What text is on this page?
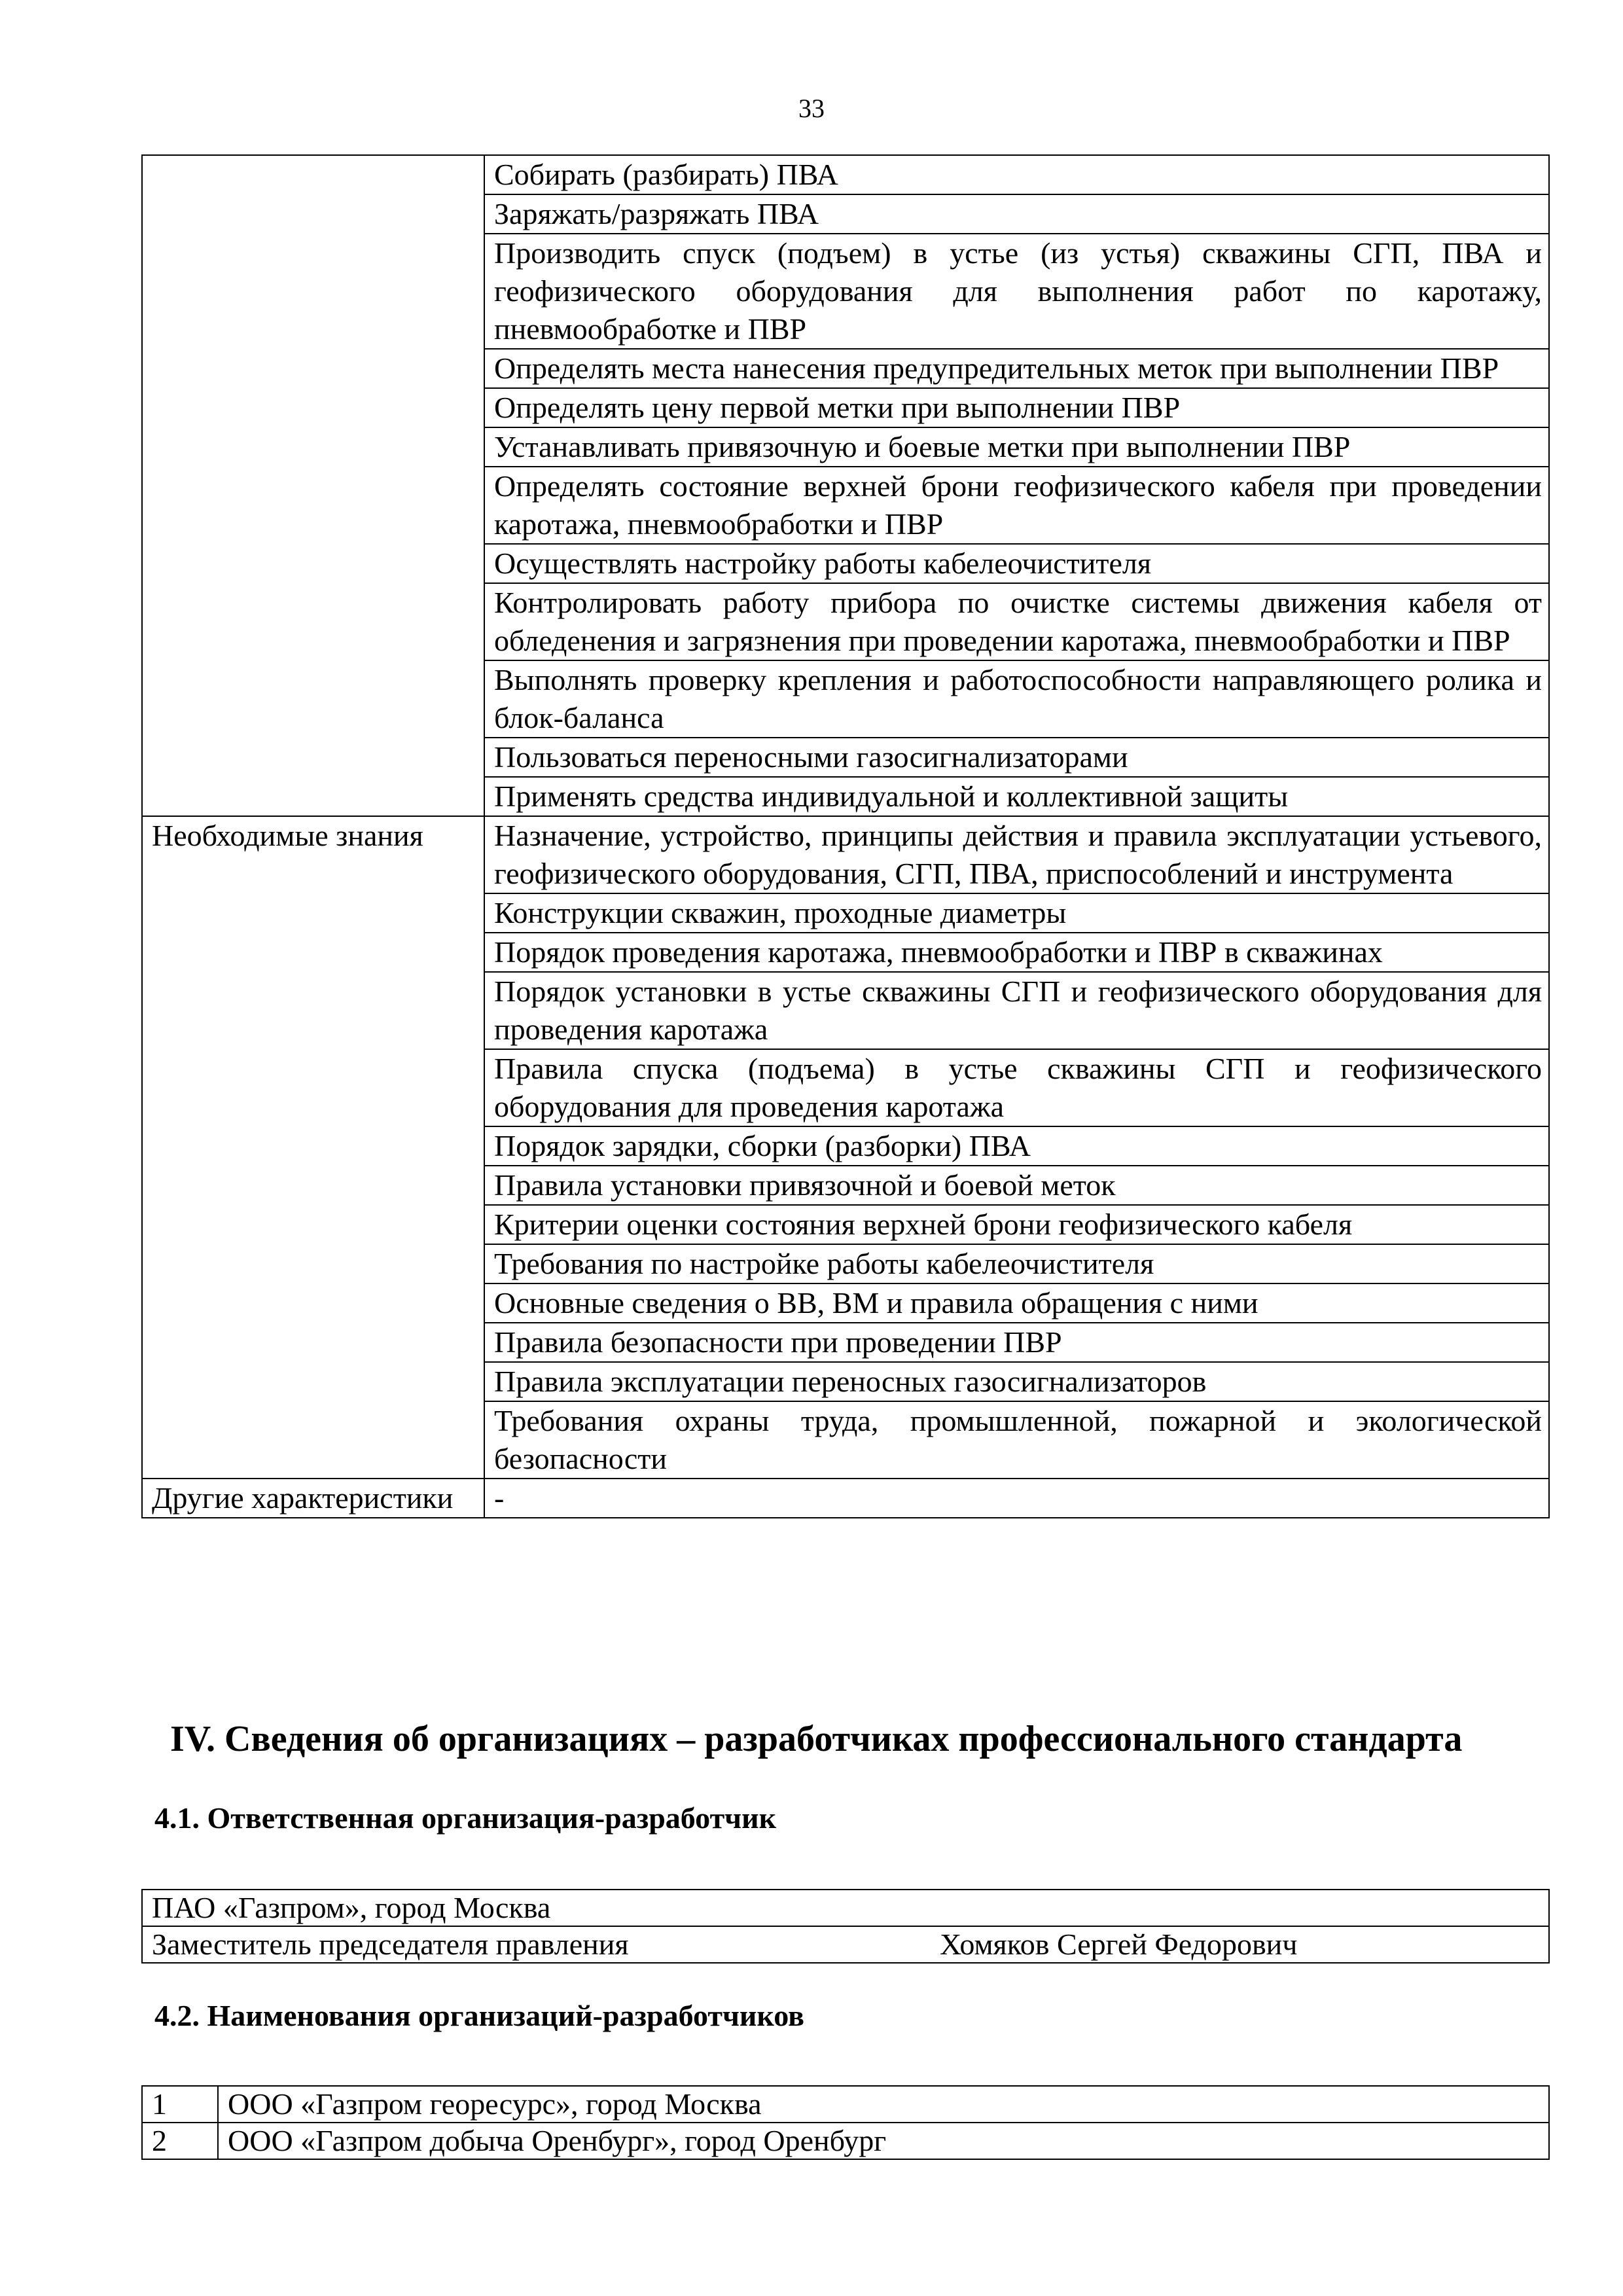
33
	Собирать (разбирать) ПВА
	Заряжать/разряжать ПВА
	Производить спуск (подъем) в устье (из устья) скважины СГП, ПВА и геофизического оборудования для выполнения работ по каротажу, пневмообработке и ПВР
	Определять места нанесения предупредительных меток при выполнении ПВР
	Определять цену первой метки при выполнении ПВР
	Устанавливать привязочную и боевые метки при выполнении ПВР
	Определять состояние верхней брони геофизического кабеля при проведении каротажа, пневмообработки и ПВР
	Осуществлять настройку работы кабелеочистителя
	Контролировать работу прибора по очистке системы движения кабеля от обледенения и загрязнения при проведении каротажа, пневмообработки и ПВР
	Выполнять проверку крепления и работоспособности направляющего ролика и блок-баланса
	Пользоваться переносными газосигнализаторами
	Применять средства индивидуальной и коллективной защиты
Необходимые знания	Назначение, устройство, принципы действия и правила эксплуатации устьевого, геофизического оборудования, СГП, ПВА, приспособлений и инструмента
	Конструкции скважин, проходные диаметры
	Порядок проведения каротажа, пневмообработки и ПВР в скважинах
	Порядок установки в устье скважины СГП и геофизического оборудования для проведения каротажа
	Правила спуска (подъема) в устье скважины СГП и геофизического оборудования для проведения каротажа
	Порядок зарядки, сборки (разборки) ПВА
	Правила установки привязочной и боевой меток
	Критерии оценки состояния верхней брони геофизического кабеля
	Требования по настройке работы кабелеочистителя
	Основные сведения о ВВ, ВМ и правила обращения с ними
	Правила безопасности при проведении ПВР
	Правила эксплуатации переносных газосигнализаторов
	Требования охраны труда, промышленной, пожарной и экологической безопасности
Другие характеристики	-
IV. Сведения об организациях – разработчиках профессионального стандарта
4.1. Ответственная организация-разработчик
ПАО «Газпром», город Москва
Заместитель председателя правления	Хомяков Сергей Федорович
4.2. Наименования организаций-разработчиков
1	ООО «Газпром георесурс», город Москва
2	ООО «Газпром добыча Оренбург», город Оренбург
